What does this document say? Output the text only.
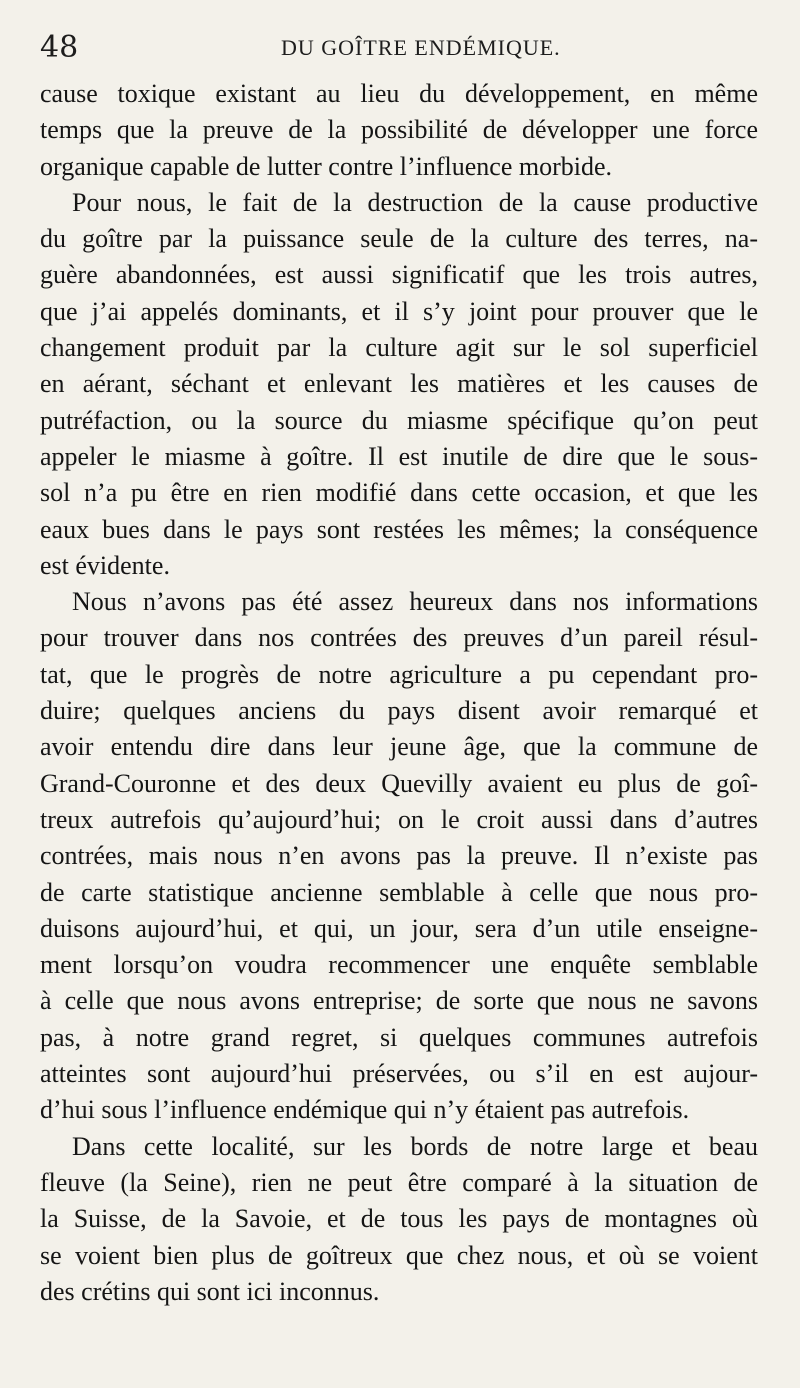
48	DU GOÎTRE ENDÉMIQUE.
cause toxique existant au lieu du développement, en même
temps que la preuve de la possibilité de développer une force
organique capable de lutter contre l’influence morbide.
Pour nous, le fait de la destruction de la cause productive
du goître par la puissance seule de la culture des terres, na-
guère abandonnées, est aussi significatif que les trois autres,
que j’ai appelés dominants, et il s’y joint pour prouver que le
changement produit par la culture agit sur le sol superficiel
en aérant, séchant et enlevant les matières et les causes de
putréfaction, ou la source du miasme spécifique qu’on peut
appeler le miasme à goître. Il est inutile de dire que le sous-
sol n’a pu être en rien modifié dans cette occasion, et que les
eaux bues dans le pays sont restées les mêmes; la conséquence
est évidente.
Nous n’avons pas été assez heureux dans nos informations
pour trouver dans nos contrées des preuves d’un pareil résul-
tat, que le progrès de notre agriculture a pu cependant pro-
duire; quelques anciens du pays disent avoir remarqué et
avoir entendu dire dans leur jeune âge, que la commune de
Grand-Couronne et des deux Quevilly avaient eu plus de goî-
treux autrefois qu’aujourd’hui; on le croit aussi dans d’autres
contrées, mais nous n’en avons pas la preuve. Il n’existe pas
de carte statistique ancienne semblable à celle que nous pro-
duisons aujourd’hui, et qui, un jour, sera d’un utile enseigne-
ment lorsqu’on voudra recommencer une enquête semblable
à celle que nous avons entreprise; de sorte que nous ne savons
pas, à notre grand regret, si quelques communes autrefois
atteintes sont aujourd’hui préservées, ou s’il en est aujour-
d’hui sous l’influence endémique qui n’y étaient pas autrefois.
Dans cette localité, sur les bords de notre large et beau
fleuve (la Seine), rien ne peut être comparé à la situation de
la Suisse, de la Savoie, et de tous les pays de montagnes où
se voient bien plus de goîtreux que chez nous, et où se voient
des crétins qui sont ici inconnus.
